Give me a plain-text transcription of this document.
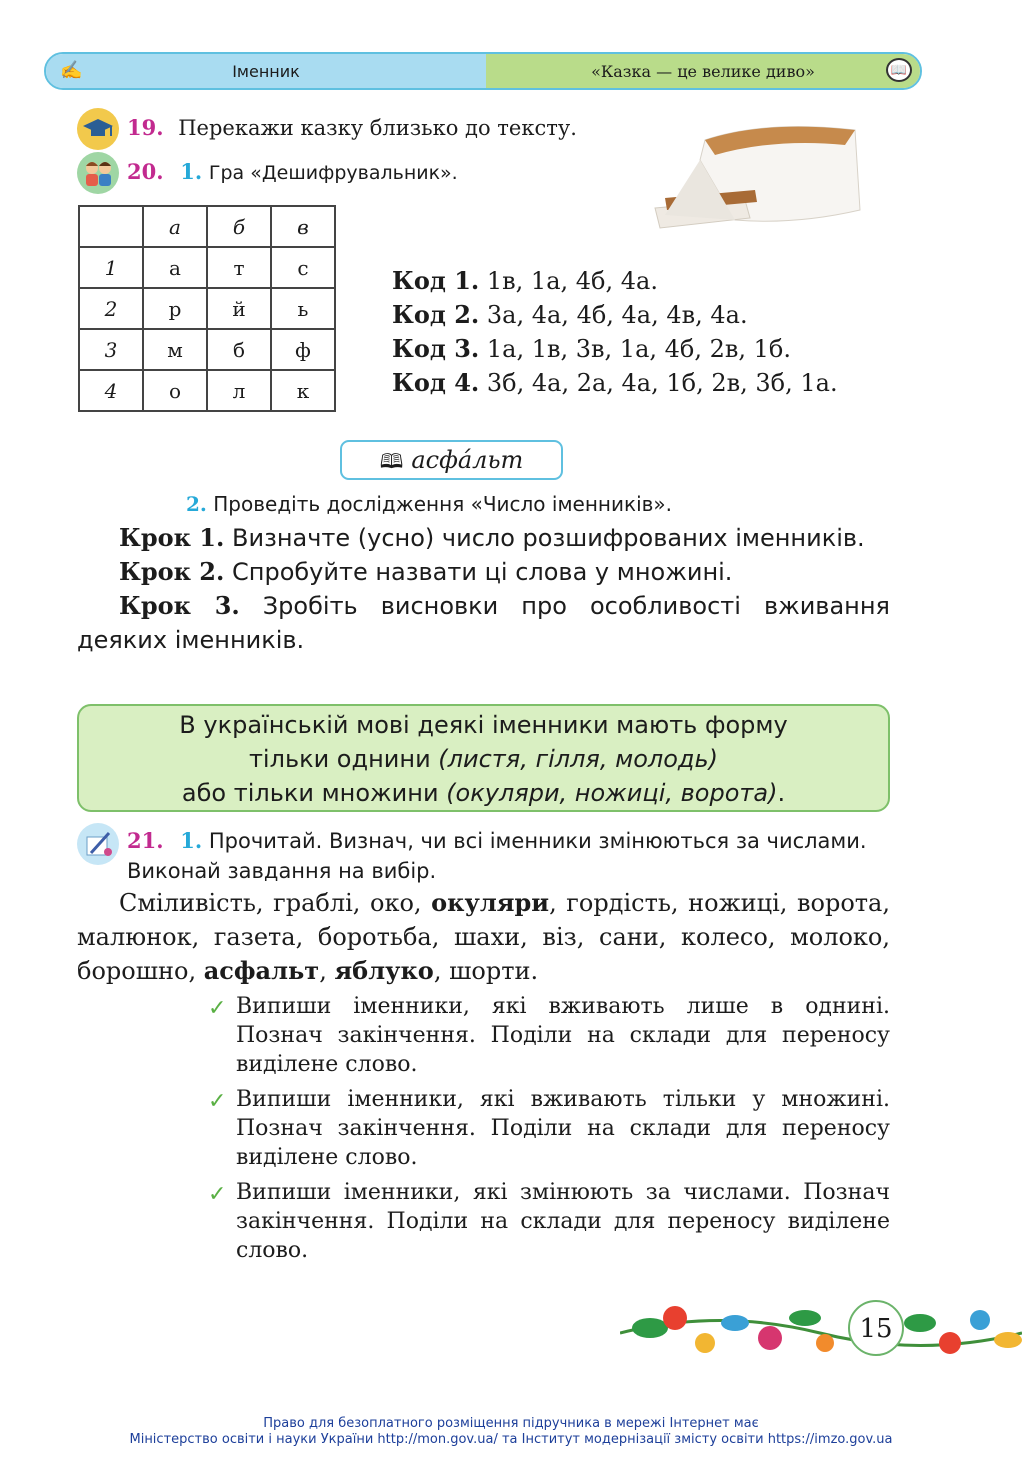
✍	Іменник	«Казка — це велике диво»	📖
19. Перекажи казку близько до тексту.
20. 1. Гра «Дешифрувальник».
	а	б	в
1	а	т	с
2	р	й	ь
3	м	б	ф
4	о	л	к
Код 1. 1в, 1а, 4б, 4а.
Код 2. 3а, 4а, 4б, 4а, 4в, 4а.
Код 3. 1а, 1в, 3в, 1а, 4б, 2в, 1б.
Код 4. 3б, 4а, 2а, 4а, 1б, 2в, 3б, 1а.
🕮 асфа́льт
2. Проведіть дослідження «Число іменників».
Крок 1. Визначте (усно) число розшифрованих іменників.
Крок 2. Спробуйте назвати ці слова у множині.
Крок 3. Зробіть висновки про особливості вживання деяких іменників.
В українській мові деякі іменники мають форму
тільки однини (листя, гілля, молодь)
або тільки множини (окуляри, ножиці, ворота).
21. 1. Прочитай. Визнач, чи всі іменники змінюються за числами. Виконай завдання на вибір.
Сміливість, граблі, око, окуляри, гордість, ножиці, ворота, малюнок, газета, боротьба, шахи, віз, сани, колесо, молоко, борошно, асфальт, яблуко, шорти.
✓ Випиши іменники, які вживають лише в однині. Познач закінчення. Поділи на склади для переносу виділене слово.
✓ Випиши іменники, які вживають тільки у множині. Познач закінчення. Поділи на склади для переносу виділене слово.
✓ Випиши іменники, які змінюють за числами. Познач закінчення. Поділи на склади для переносу виділене слово.
15
Право для безоплатного розміщення підручника в мережі Інтернет має
Міністерство освіти і науки України http://mon.gov.ua/ та Інститут модернізації змісту освіти https://imzo.gov.ua
